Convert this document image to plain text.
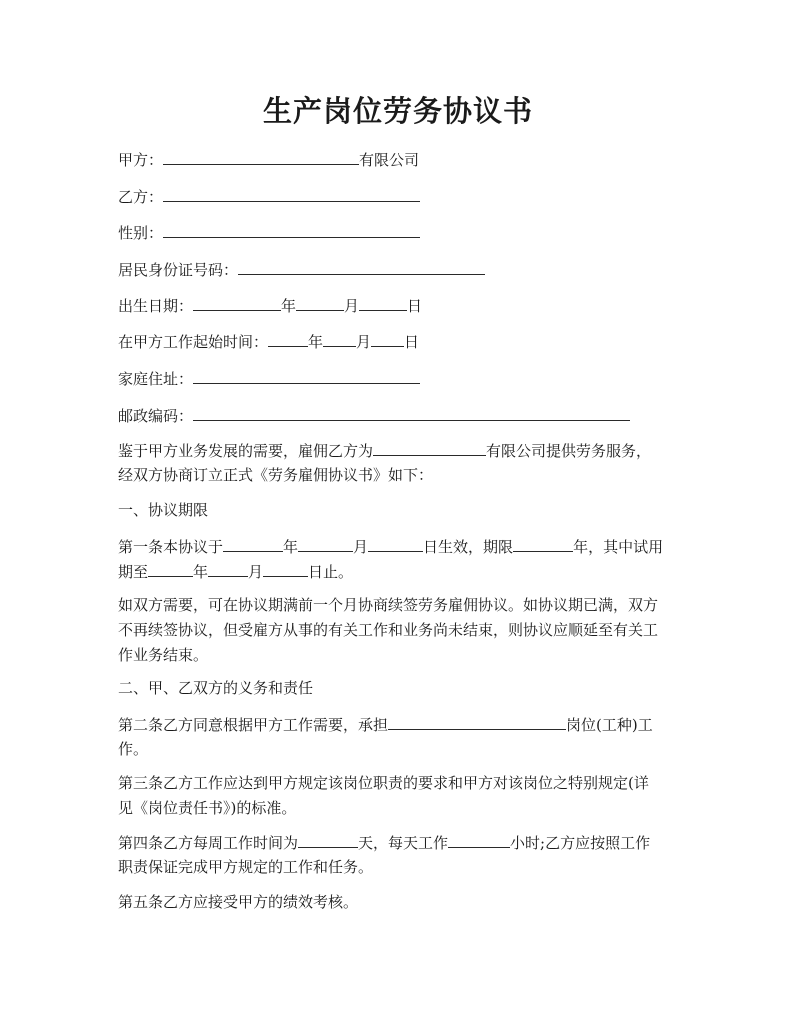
生产岗位劳务协议书
甲方：	有限公司
乙方：
性别：
居民身份证号码：
出生日期：	年	月	日
在甲方工作起始时间：	年 月 日
家庭住址：
邮政编码：
鉴于甲方业务发展的需要，雇佣乙方为	有限公司提供劳务服务，
经双方协商订立正式《劳务雇佣协议书》如下：
一、协议期限
第一条本协议于	年	月	日生效，期限	年，其中试用
期至	年	月	日止。
如双方需要，可在协议期满前一个月协商续签劳务雇佣协议。如协议期已满，双方
不再续签协议，但受雇方从事的有关工作和业务尚未结束，则协议应顺延至有关工
作业务结束。
二、甲、乙双方的义务和责任
第二条乙方同意根据甲方工作需要，承担	岗位(工种)工
作。
第三条乙方工作应达到甲方规定该岗位职责的要求和甲方对该岗位之特别规定(详
见《岗位责任书》)的标准。
第四条乙方每周工作时间为	天，每天工作	小时;乙方应按照工作
职责保证完成甲方规定的工作和任务。
第五条乙方应接受甲方的绩效考核。
